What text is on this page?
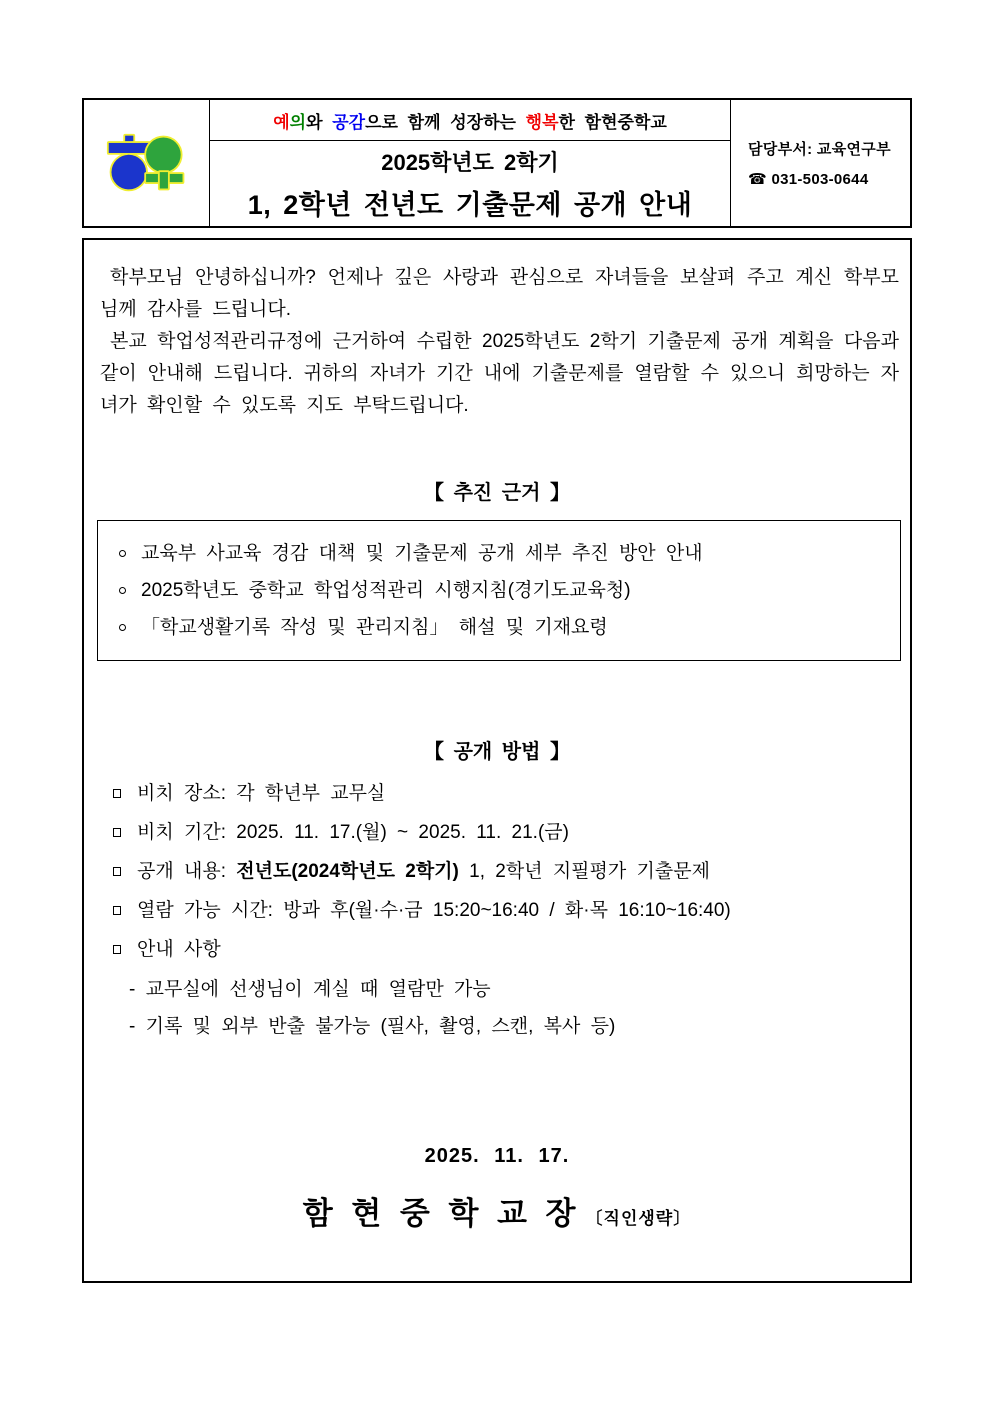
예 의 와 공감 으로 함께 성장하는 행복 한 함현중학교
2025학년도 2학기
1, 2학년 전년도 기출문제 공개 안내
담당부서: 교육연구부
☎ 031-503-0644

학부모님 안녕하십니까? 언제나 깊은 사랑과 관심으로 자녀들을 보살펴 주고 계신 학부모님께 감사를 드립니다.

본교 학업성적관리규정에 근거하여 수립한 2025학년도 2학기 기출문제 공개 계획을 다음과 같이 안내해 드립니다. 귀하의 자녀가 기간 내에 기출문제를 열람할 수 있으니 희망하는 자녀가 확인할 수 있도록 지도 부탁드립니다.

【 추진 근거 】
교육부 사교육 경감 대책 및 기출문제 공개 세부 추진 방안 안내
2025학년도 중학교 학업성적관리 시행지침(경기도교육청)
「학교생활기록 작성 및 관리지침」 해설 및 기재요령
【 공개 방법 】
비치 장소: 각 학년부 교무실
비치 기간: 2025. 11. 17.(월) ~ 2025. 11. 21.(금)
공개 내용: 전년도(2024학년도 2학기) 1, 2학년 지필평가 기출문제
열람 가능 시간: 방과 후(월·수·금 15:20~16:40 / 화·목 16:10~16:40)
안내 사항
- 교무실에 선생님이 계실 때 열람만 가능
- 기록 및 외부 반출 불가능 (필사, 촬영, 스캔, 복사 등)
2025. 11. 17.
함 현 중 학 교 장 〔직인생략〕
